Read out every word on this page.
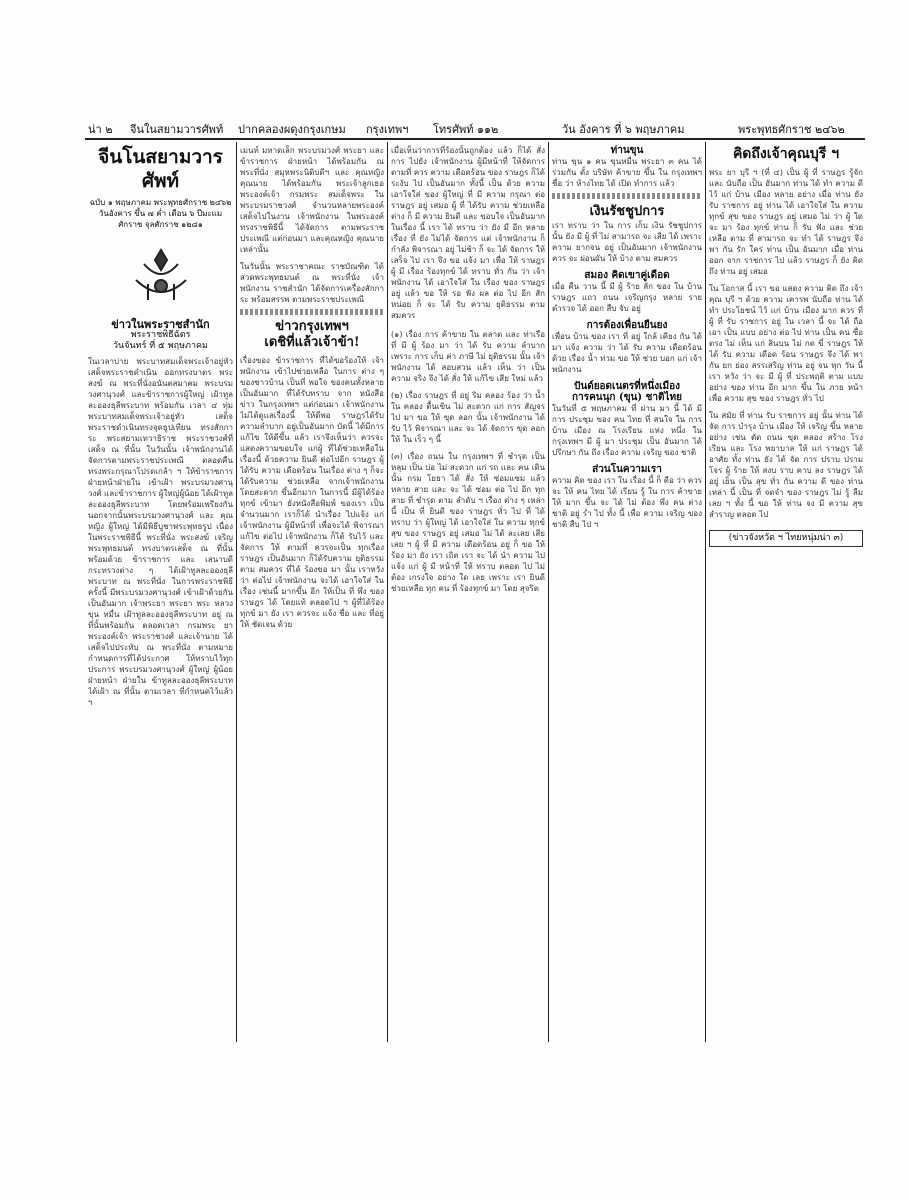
น่า ๒ จีนในสยามวารศัพท์ ปากคลองผดุงกรุงเกษม กรุงเทพฯ โทรศัพท์ ๑๑๒	วัน อังคาร ที่ ๖ พฤษภาคม	พระพุทธศักราช ๒๔๖๒
จีนโนสยามวารศัพท์
ฉบับ ๑ พฤษภาคม พระพุทธศักราช ๒๔๖๒
วันอังคาร ขึ้น ๗ ค่ำ เดือน ๖ ปีมะแม
ศักราช จุลศักราช ๑๒๘๑
ข่าวในพระราชสำนัก
พระราชพิธีฉัตร
วันจันทร์ ที่ ๕ พฤษภาคม
ในเวลาบ่าย พระบาทสมเด็จพระเจ้าอยู่หัว เสด็จพระราชดำเนิน ออกทรงบาตร พระสงฆ์ ณ พระที่นั่งอนันตสมาคม พระบรมวงศานุวงศ์ และข้าราชการผู้ใหญ่ เฝ้าทูลละอองธุลีพระบาท พร้อมกัน เวลา ๔ ทุ่ม พระบาทสมเด็จพระเจ้าอยู่หัว เสด็จพระราชดำเนินทรงจุดธูปเทียน ทรงสักการะ พระสยามเทวาธิราช พระราชวงศ์ที่เสด็จ ณ ที่นั้น ในวันนั้น เจ้าพนักงานได้จัดการตามพระราชประเพณี ตลอดคืน ทรงพระกรุณาโปรดเกล้า ฯ ให้ข้าราชการฝ่ายหน้าฝ่ายใน เข้าเฝ้า พระบรมวงศานุวงศ์ และข้าราชการ ผู้ใหญ่ผู้น้อย ได้เฝ้าทูลละอองธุลีพระบาท โดยพร้อมเพรียงกัน นอกจากนั้นพระบรมวงศานุวงศ์ และ คุณหญิง ผู้ใหญ่ ได้มีพิธีบูชาพระพุทธรูป เนื่องในพระราชพิธีนี้ พระที่นั่ง พระสงฆ์ เจริญพระพุทธมนต์ ทรงบาตรเสด็จ ณ ที่นั้น พร้อมด้วย ข้าราชการ และ เสนาบดี กระทรวงต่าง ๆ ได้เฝ้าทูลละอองธุลีพระบาท ณ พระที่นั่ง ในการพระราชพิธีครั้งนี้ มีพระบรมวงศานุวงศ์ เข้าเฝ้าด้วยกัน เป็นอันมาก เจ้าพระยา พระยา พระ หลวง ขุน หมื่น เฝ้าทูลละอองธุลีพระบาท อยู่ ณ ที่นั้นพร้อมกัน ตลอดเวลา กรมพระ ยา พระองค์เจ้า พระราชวงศ์ และเจ้านาย ได้เสด็จไปประทับ ณ พระที่นั่ง ตามหมายกำหนดการที่ได้ประกาศ ให้ทราบไว้ทุกประการ พระบรมวงศานุวงศ์ ผู้ใหญ่ ผู้น้อย ฝ่ายหน้า ฝ่ายใน ข้าทูลละอองธุลีพระบาท ได้เฝ้า ณ ที่นั้น ตามเวลา ที่กำหนดไว้แล้ว ฯ
เมนท์ มหาดเล็ก พระบรมวงศ์ พระยา และ ข้าราชการ ฝ่ายหน้า ได้พร้อมกัน ณ พระที่นั่ง สมุหพระนิติบดีฯ และ คุณหญิง คุณนาย ได้พร้อมกัน พระเจ้าลูกเธอ พระองค์เจ้า กรมพระ สมเด็จพระ ในพระบรมราชวงศ์ จำนวนหลายพระองค์ เสด็จไปในงาน เจ้าพนักงาน ในพระองค์ ทรงราชพิธีนี้ ได้จัดการ ตามพระราชประเพณี แต่ก่อนมา และคุณหญิง คุณนาย เหล่านั้น
ในวันนั้น พระราชาคณะ ราชบัณฑิต ได้สวดพระพุทธมนต์ ณ พระที่นั่ง เจ้าพนักงาน ราชสำนัก ได้จัดการเครื่องสักการะ พร้อมสรรพ ตามพระราชประเพณี
ข่าวกรุงเทพฯ
เดชิที่แล้วเจ้าข้า!
เรื่องของ ข้าราชการ ที่ได้ขอร้องให้ เจ้าพนักงาน เข้าไปช่วยเหลือ ในการ ต่าง ๆ ของชาวบ้าน เป็นที่ พอใจ ของคนทั้งหลายเป็นอันมาก ที่ได้รับทราบ จาก หนังสือ ข่าว ในกรุงเทพฯ แต่ก่อนมา เจ้าพนักงาน ไม่ได้ดูแลเรื่องนี้ ให้ดีพอ ราษฎรได้รับความลำบาก อยู่เป็นอันมาก บัดนี้ ได้มีการ แก้ไข ให้ดีขึ้น แล้ว เราจึงเห็นว่า ควรจะ แสดงความขอบใจ แก่ผู้ ที่ได้ช่วยเหลือในเรื่องนี้ ด้วยความ ยินดี ต่อไปอีก ราษฎร ผู้ได้รับ ความ เดือดร้อน ในเรื่อง ต่าง ๆ ก็จะได้รับความ ช่วยเหลือ จากเจ้าพนักงาน โดยสะดวก ขึ้นอีกมาก ในการนี้ มีผู้ได้ร้องทุกข์ เข้ามา ยังหนังสือพิมพ์ ของเรา เป็นจำนวนมาก เราก็ได้ นำเรื่อง ไปแจ้ง แก่ เจ้าพนักงาน ผู้มีหน้าที่ เพื่อจะได้ พิจารณา แก้ไข ต่อไป เจ้าพนักงาน ก็ได้ รับไว้ และ จัดการ ให้ ตามที่ ควรจะเป็น ทุกเรื่อง ราษฎร เป็นอันมาก ก็ได้รับความ ยุติธรรม ตาม สมควร ที่ได้ ร้องขอ มา นั้น เราหวังว่า ต่อไป เจ้าพนักงาน จะได้ เอาใจใส่ ใน เรื่อง เช่นนี้ มากขึ้น อีก ให้เป็น ที่ พึ่ง ของ ราษฎร ได้ โดยแท้ ตลอดไป ฯ ผู้ที่ได้ร้องทุกข์ มา ยัง เรา ควรจะ แจ้ง ชื่อ และ ที่อยู่ ให้ ชัดเจน ด้วย
เมื่อเห็นว่าการที่ร้องนั้นถูกต้อง แล้ว ก็ได้ สั่งการ ไปยัง เจ้าพนักงาน ผู้มีหน้าที่ ให้จัดการ ตามที่ ควร ความ เดือดร้อน ของ ราษฎร ก็ได้ ระงับ ไป เป็นอันมาก ทั้งนี้ เป็น ด้วย ความ เอาใจใส่ ของ ผู้ใหญ่ ที่ มี ความ กรุณา ต่อ ราษฎร อยู่ เสมอ ผู้ ที่ ได้รับ ความ ช่วยเหลือ ต่าง ก็ มี ความ ยินดี และ ขอบใจ เป็นอันมาก ในเรื่อง นี้ เรา ได้ ทราบ ว่า ยัง มี อีก หลาย เรื่อง ที่ ยัง ไม่ได้ จัดการ แต่ เจ้าพนักงาน ก็ กำลัง พิจารณา อยู่ ไม่ช้า ก็ จะ ได้ จัดการ ให้ เสร็จ ไป เรา จึง ขอ แจ้ง มา เพื่อ ให้ ราษฎร ผู้ มี เรื่อง ร้องทุกข์ ได้ ทราบ ทั่ว กัน ว่า เจ้าพนักงาน ได้ เอาใจใส่ ใน เรื่อง ของ ราษฎร อยู่ แล้ว ขอ ให้ รอ ฟัง ผล ต่อ ไป อีก สัก หน่อย ก็ จะ ได้ รับ ความ ยุติธรรม ตาม สมควร
(๑) เรื่อง การ ค้าขาย ใน ตลาด และ ท่าเรือ ที่ มี ผู้ ร้อง มา ว่า ได้ รับ ความ ลำบาก เพราะ การ เก็บ ค่า ภาษี ไม่ ยุติธรรม นั้น เจ้าพนักงาน ได้ สอบสวน แล้ว เห็น ว่า เป็น ความ จริง จึง ได้ สั่ง ให้ แก้ไข เสีย ใหม่ แล้ว
(๒) เรื่อง ราษฎร ที่ อยู่ ริม คลอง ร้อง ว่า น้ำ ใน คลอง ตื้นเขิน ไม่ สะดวก แก่ การ สัญจร ไป มา ขอ ให้ ขุด ลอก นั้น เจ้าพนักงาน ได้ รับ ไว้ พิจารณา และ จะ ได้ จัดการ ขุด ลอก ให้ ใน เร็ว ๆ นี้
(๓) เรื่อง ถนน ใน กรุงเทพฯ ที่ ชำรุด เป็น หลุม เป็น บ่อ ไม่ สะดวก แก่ รถ และ คน เดิน นั้น กรม โยธา ได้ สั่ง ให้ ซ่อมแซม แล้ว หลาย สาย และ จะ ได้ ซ่อม ต่อ ไป อีก ทุก สาย ที่ ชำรุด ตาม ลำดับ ฯ เรื่อง ต่าง ๆ เหล่านี้ เป็น ที่ ยินดี ของ ราษฎร ทั่ว ไป ที่ ได้ ทราบ ว่า ผู้ใหญ่ ได้ เอาใจใส่ ใน ความ ทุกข์ สุข ของ ราษฎร อยู่ เสมอ ไม่ ได้ ละเลย เสีย เลย ฯ ผู้ ที่ มี ความ เดือดร้อน อยู่ ก็ ขอ ให้ ร้อง มา ยัง เรา เถิด เรา จะ ได้ นำ ความ ไป แจ้ง แก่ ผู้ มี หน้าที่ ให้ ทราบ ตลอด ไป ไม่ ต้อง เกรงใจ อย่าง ใด เลย เพราะ เรา ยินดี ช่วยเหลือ ทุก คน ที่ ร้องทุกข์ มา โดย สุจริต
ท่านขุน
ท่าน ขุน ๑ คน ขุนหมื่น พระยา ๓ คน ได้ ร่วมกัน ตั้ง บริษัท ค้าขาย ขึ้น ใน กรุงเทพฯ ชื่อ ว่า ห้างไทย ได้ เปิด ทำการ แล้ว
เงินรัชชูปการ
เรา ทราบ ว่า ใน การ เก็บ เงิน รัชชูปการ นั้น ยัง มี ผู้ ที่ ไม่ สามารถ จะ เสีย ได้ เพราะ ความ ยากจน อยู่ เป็นอันมาก เจ้าพนักงาน ควร จะ ผ่อนผัน ให้ บ้าง ตาม สมควร
สมอง คิดเขาคู่เดือด
เมื่อ คืน วาน นี้ มี ผู้ ร้าย ลัก ของ ใน บ้าน ราษฎร แถว ถนน เจริญกรุง หลาย ราย ตำรวจ ได้ ออก สืบ จับ อยู่
การต้องเพื่อนยืนยง
เพื่อน บ้าน ของ เรา ที่ อยู่ ใกล้ เคียง กัน ได้ มา แจ้ง ความ ว่า ได้ รับ ความ เดือดร้อน ด้วย เรื่อง น้ำ ท่วม ขอ ให้ ช่วย บอก แก่ เจ้าพนักงาน
ปันด์ยอดเนตรที่หนึ่งเมือง
การคนนุก (ขุน) ชาติไทย
ในวันที่ ๕ พฤษภาคม ที่ ผ่าน มา นี้ ได้ มี การ ประชุม ของ คน ไทย ที่ สนใจ ใน การ บ้าน เมือง ณ โรงเรียน แห่ง หนึ่ง ใน กรุงเทพฯ มี ผู้ มา ประชุม เป็น อันมาก ได้ ปรึกษา กัน ถึง เรื่อง ความ เจริญ ของ ชาติ
ส่วนโนความเรา
ความ คิด ของ เรา ใน เรื่อง นี้ ก็ คือ ว่า ควร จะ ให้ คน ไทย ได้ เรียน รู้ ใน การ ค้าขาย ให้ มาก ขึ้น จะ ได้ ไม่ ต้อง พึ่ง คน ต่าง ชาติ อยู่ ร่ำ ไป ทั้ง นี้ เพื่อ ความ เจริญ ของ ชาติ สืบ ไป ฯ
คิดถึงเจ้าคุณบุรี ฯ
พระ ยา บุรี ฯ (ที่ ๔) เป็น ผู้ ที่ ราษฎร รู้จัก และ นับถือ เป็น อันมาก ท่าน ได้ ทำ ความ ดี ไว้ แก่ บ้าน เมือง หลาย อย่าง เมื่อ ท่าน ยัง รับ ราชการ อยู่ ท่าน ได้ เอาใจใส่ ใน ความ ทุกข์ สุข ของ ราษฎร อยู่ เสมอ ไม่ ว่า ผู้ ใด จะ มา ร้อง ทุกข์ ท่าน ก็ รับ ฟัง และ ช่วย เหลือ ตาม ที่ สามารถ จะ ทำ ได้ ราษฎร จึง พา กัน รัก ใคร่ ท่าน เป็น อันมาก เมื่อ ท่าน ออก จาก ราชการ ไป แล้ว ราษฎร ก็ ยัง คิด ถึง ท่าน อยู่ เสมอ
ใน โอกาส นี้ เรา ขอ แสดง ความ คิด ถึง เจ้า คุณ บุรี ฯ ด้วย ความ เคารพ นับถือ ท่าน ได้ ทำ ประโยชน์ ไว้ แก่ บ้าน เมือง มาก ควร ที่ ผู้ ที่ รับ ราชการ อยู่ ใน เวลา นี้ จะ ได้ ถือ เอา เป็น แบบ อย่าง ต่อ ไป ท่าน เป็น คน ซื่อ ตรง ไม่ เห็น แก่ สินบน ไม่ กด ขี่ ราษฎร ให้ ได้ รับ ความ เดือด ร้อน ราษฎร จึง ได้ พา กัน ยก ย่อง สรรเสริญ ท่าน อยู่ จน ทุก วัน นี้ เรา หวัง ว่า จะ มี ผู้ ที่ ประพฤติ ตาม แบบ อย่าง ของ ท่าน อีก มาก ขึ้น ใน ภาย หน้า เพื่อ ความ สุข ของ ราษฎร ทั่ว ไป
ใน สมัย ที่ ท่าน รับ ราชการ อยู่ นั้น ท่าน ได้ จัด การ บำรุง บ้าน เมือง ให้ เจริญ ขึ้น หลาย อย่าง เช่น ตัด ถนน ขุด คลอง สร้าง โรง เรียน และ โรง พยาบาล ให้ แก่ ราษฎร ได้ อาศัย ทั้ง ท่าน ยัง ได้ จัด การ ปราบ ปราม โจร ผู้ ร้าย ให้ สงบ ราบ คาบ ลง ราษฎร ได้ อยู่ เย็น เป็น สุข ทั่ว กัน ความ ดี ของ ท่าน เหล่า นี้ เป็น ที่ จดจำ ของ ราษฎร ไม่ รู้ ลืม เลย ฯ ทั้ง นี้ ขอ ให้ ท่าน จง มี ความ สุข สำราญ ตลอด ไป
(ข่าวจังหวัด ฯ ไทยหนุ่มน่า ๓)
